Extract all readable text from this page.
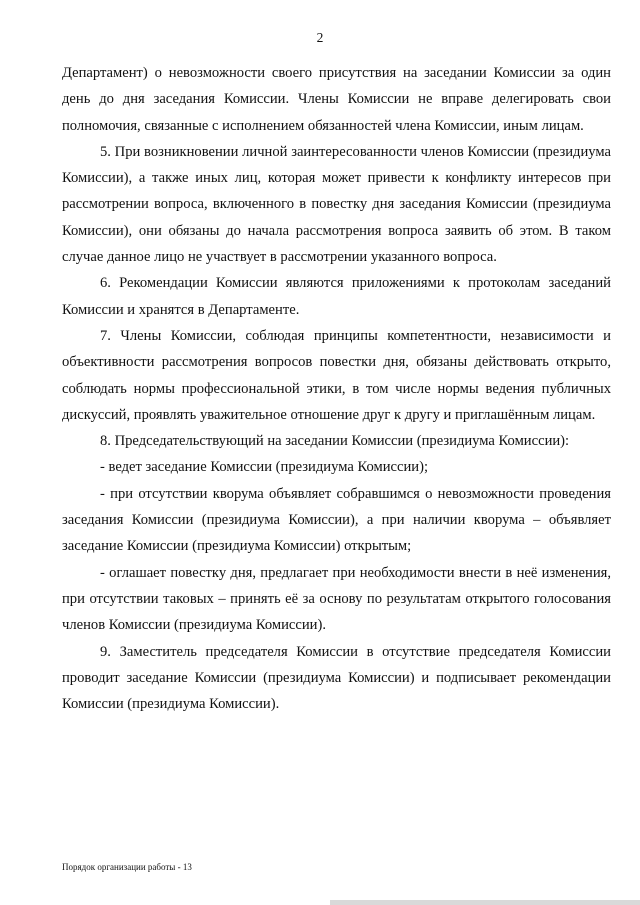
2

Департамент) о невозможности своего присутствия на заседании Комиссии за один день до дня заседания Комиссии. Члены Комиссии не вправе делегировать свои полномочия, связанные с исполнением обязанностей члена Комиссии, иным лицам.

5. При возникновении личной заинтересованности членов Комиссии (президиума Комиссии), а также иных лиц, которая может привести к конфликту интересов при рассмотрении вопроса, включенного в повестку дня заседания Комиссии (президиума Комиссии), они обязаны до начала рассмотрения вопроса заявить об этом. В таком случае данное лицо не участвует в рассмотрении указанного вопроса.

6. Рекомендации Комиссии являются приложениями к протоколам заседаний Комиссии и хранятся в Департаменте.

7. Члены Комиссии, соблюдая принципы компетентности, независимости и объективности рассмотрения вопросов повестки дня, обязаны действовать открыто, соблюдать нормы профессиональной этики, в том числе нормы ведения публичных дискуссий, проявлять уважительное отношение друг к другу и приглашённым лицам.

8. Председательствующий на заседании Комиссии (президиума Комиссии):

- ведет заседание Комиссии (президиума Комиссии);

- при отсутствии кворума объявляет собравшимся о невозможности проведения заседания Комиссии (президиума Комиссии), а при наличии кворума – объявляет заседание Комиссии (президиума Комиссии) открытым;

- оглашает повестку дня, предлагает при необходимости внести в неё изменения, при отсутствии таковых – принять её за основу по результатам открытого голосования членов Комиссии (президиума Комиссии).

9. Заместитель председателя Комиссии в отсутствие председателя Комиссии проводит заседание Комиссии (президиума Комиссии) и подписывает рекомендации Комиссии (президиума Комиссии).

Порядок организации работы - 13
